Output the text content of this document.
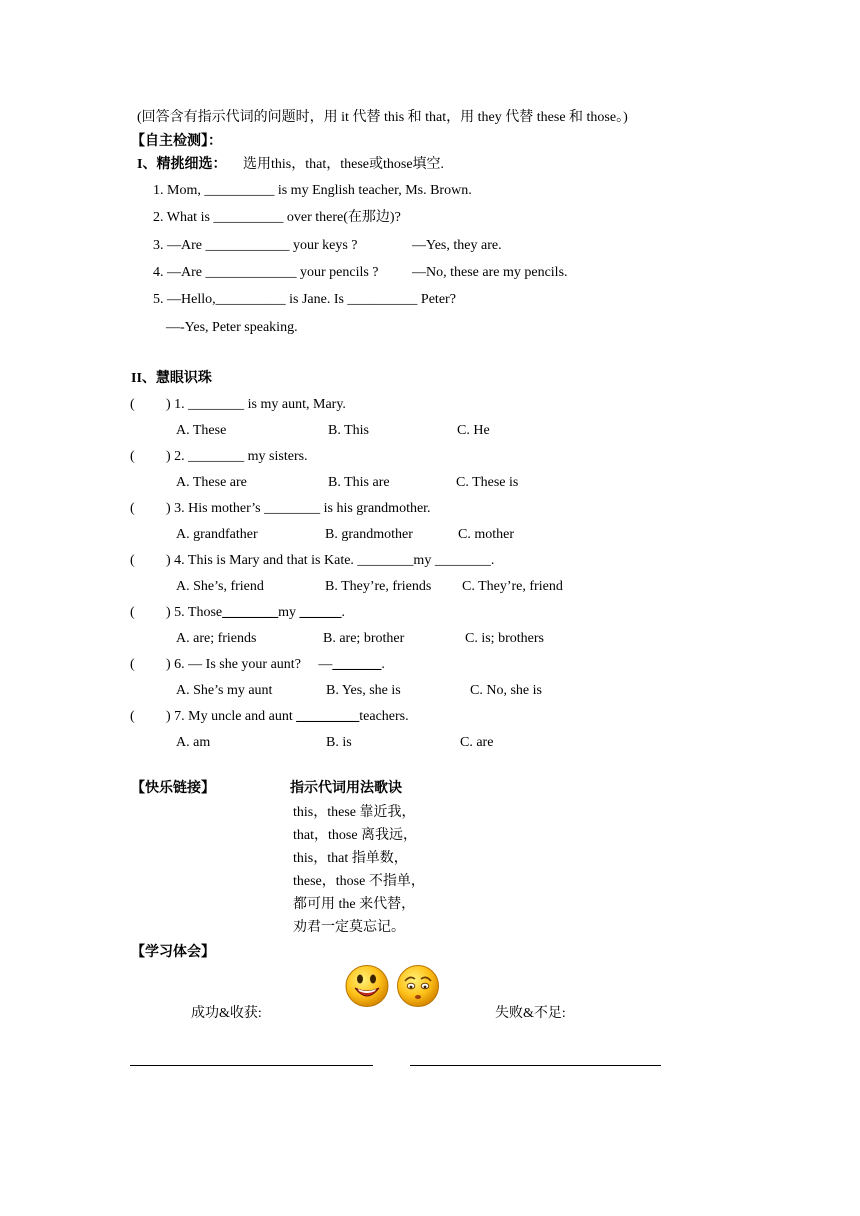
(回答含有指示代词的问题时，用 it 代替 this 和 that，用 they 代替 these 和 those。)
【自主检测】：
I、精挑细选： 选用this，that，these或those填空.
1. Mom, __________ is my English teacher, Ms. Brown.
2. What is __________ over there(在那边)?
3. —Are ____________ your keys ?	—Yes, they are.
4. —Are _____________ your pencils ? —No, these are my pencils.
5. —Hello,__________ is Jane. Is __________ Peter?
—-Yes, Peter speaking.
II、慧眼识珠
( ) 1. ________ is my aunt, Mary.
A. These	B. This	C. He
( ) 2. ________ my sisters.
A. These are	B. This are	C. These is
( ) 3. His mother’s ________ is his grandmother.
A. grandfather	B. grandmother	C. mother
( ) 4. This is Mary and that is Kate. ________my ________.
A. She’s, friend	B. They’re, friends C. They’re, friend
( ) 5. Those________my ______.
A. are; friends	B. are; brother	C. is; brothers
( ) 6. — Is she your aunt?     —_______.
A. She’s my aunt	B. Yes, she is	C. No, she is
( ) 7. My uncle and aunt _________teachers.
A. am	B. is	C. are
【快乐链接】	指示代词用法歌诀
this，these 靠近我，
that，those 离我远，
this，that 指单数，
these，those 不指单，
都可用 the 来代替，
劝君一定莫忘记。
【学习体会】
成功&收获:	失败&不足:
